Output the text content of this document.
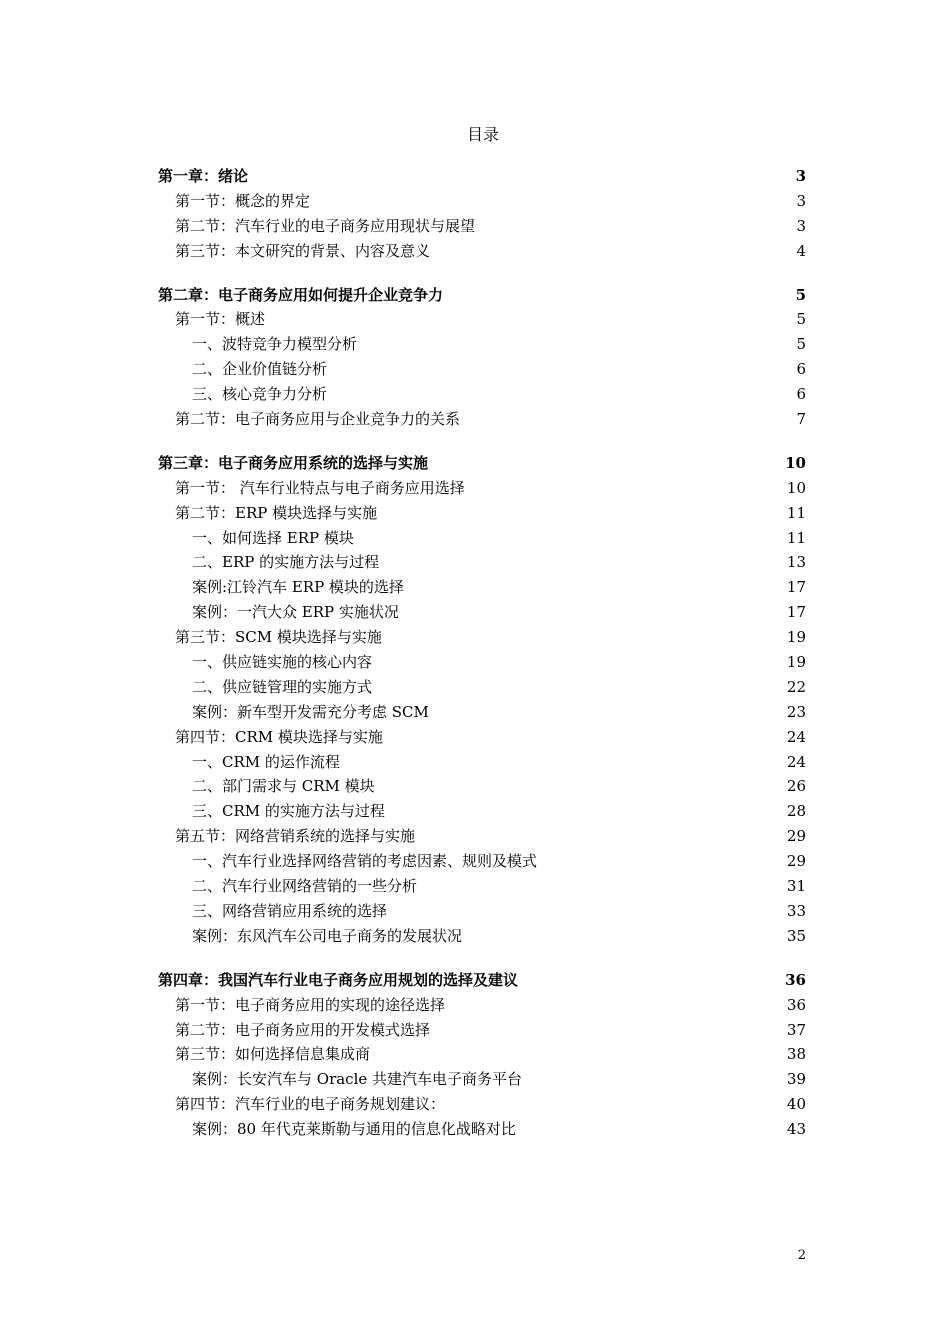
目录
第一章：绪论	3
第一节：概念的界定	3
第二节：汽车行业的电子商务应用现状与展望	3
第三节：本文研究的背景、内容及意义	4
第二章：电子商务应用如何提升企业竞争力	5
第一节：概述	5
一、波特竞争力模型分析	5
二、企业价值链分析	6
三、核心竞争力分析	6
第二节：电子商务应用与企业竞争力的关系	7
第三章：电子商务应用系统的选择与实施	10
第一节： 汽车行业特点与电子商务应用选择	10
第二节：ERP 模块选择与实施	11
一、如何选择 ERP 模块	11
二、ERP 的实施方法与过程	13
案例:江铃汽车 ERP 模块的选择	17
案例：一汽大众 ERP 实施状况	17
第三节：SCM 模块选择与实施	19
一、供应链实施的核心内容	19
二、供应链管理的实施方式	22
案例：新车型开发需充分考虑 SCM	23
第四节：CRM 模块选择与实施	24
一、CRM 的运作流程	24
二、部门需求与 CRM 模块	26
三、CRM 的实施方法与过程	28
第五节：网络营销系统的选择与实施	29
一、汽车行业选择网络营销的考虑因素、规则及模式	29
二、汽车行业网络营销的一些分析	31
三、网络营销应用系统的选择	33
案例：东风汽车公司电子商务的发展状况	35
第四章：我国汽车行业电子商务应用规划的选择及建议	36
第一节：电子商务应用的实现的途径选择	36
第二节：电子商务应用的开发模式选择	37
第三节：如何选择信息集成商	38
案例：长安汽车与 Oracle 共建汽车电子商务平台	39
第四节：汽车行业的电子商务规划建议：	40
案例：80 年代克莱斯勒与通用的信息化战略对比	43
2
